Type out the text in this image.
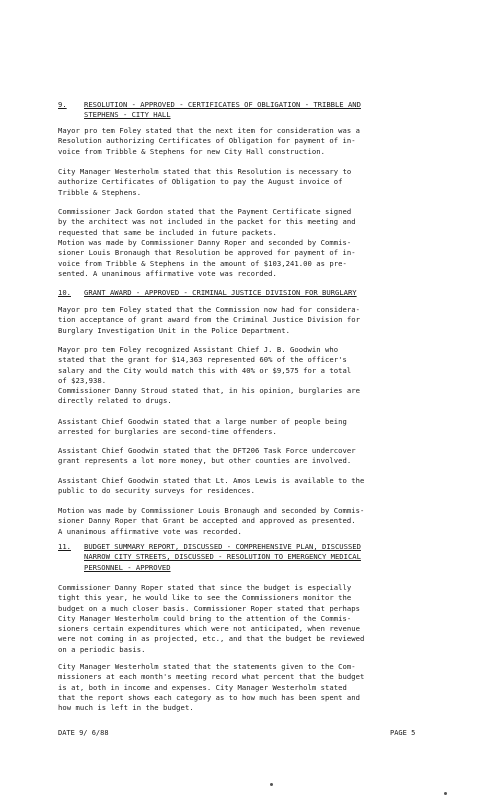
9.	RESOLUTION - APPROVED - CERTIFICATES OF OBLIGATION - TRIBBLE AND
STEPHENS - CITY HALL

Mayor pro tem Foley stated that the next item for consideration was a
Resolution authorizing Certificates of Obligation for payment of in-
voice from Tribble & Stephens for new City Hall construction.

City Manager Westerholm stated that this Resolution is necessary to
authorize Certificates of Obligation to pay the August invoice of
Tribble & Stephens.

Commissioner Jack Gordon stated that the Payment Certificate signed
by the architect was not included in the packet for this meeting and
requested that same be included in future packets.

Motion was made by Commissioner Danny Roper and seconded by Commis-
sioner Louis Bronaugh that Resolution be approved for payment of in-
voice from Tribble & Stephens in the amount of $103,241.00 as pre-
sented. A unanimous affirmative vote was recorded.

10.	GRANT AWARD - APPROVED - CRIMINAL JUSTICE DIVISION FOR BURGLARY

Mayor pro tem Foley stated that the Commission now had for considera-
tion acceptance of grant award from the Criminal Justice Division for
Burglary Investigation Unit in the Police Department.

Mayor pro tem Foley recognized Assistant Chief J. B. Goodwin who
stated that the grant for $14,363 represented 60% of the officer's
salary and the City would match this with 40% or $9,575 for a total
of $23,938.

Commissioner Danny Stroud stated that, in his opinion, burglaries are
directly related to drugs.

Assistant Chief Goodwin stated that a large number of people being
arrested for burglaries are second-time offenders.

Assistant Chief Goodwin stated that the DFT206 Task Force undercover
grant represents a lot more money, but other counties are involved.

Assistant Chief Goodwin stated that Lt. Amos Lewis is available to the
public to do security surveys for residences.

Motion was made by Commissioner Louis Bronaugh and seconded by Commis-
sioner Danny Roper that Grant be accepted and approved as presented.
A unanimous affirmative vote was recorded.

11.	BUDGET SUMMARY REPORT, DISCUSSED - COMPREHENSIVE PLAN, DISCUSSED
NARROW CITY STREETS, DISCUSSED - RESOLUTION TO EMERGENCY MEDICAL
PERSONNEL - APPROVED

Commissioner Danny Roper stated that since the budget is especially
tight this year, he would like to see the Commissioners monitor the
budget on a much closer basis. Commissioner Roper stated that perhaps
City Manager Westerholm could bring to the attention of the Commis-
sioners certain expenditures which were not anticipated, when revenue
were not coming in as projected, etc., and that the budget be reviewed
on a periodic basis.

City Manager Westerholm stated that the statements given to the Com-
missioners at each month's meeting record what percent that the budget
is at, both in income and expenses. City Manager Westerholm stated
that the report shows each category as to how much has been spent and
how much is left in the budget.

DATE 9/ 6/88	PAGE 5
